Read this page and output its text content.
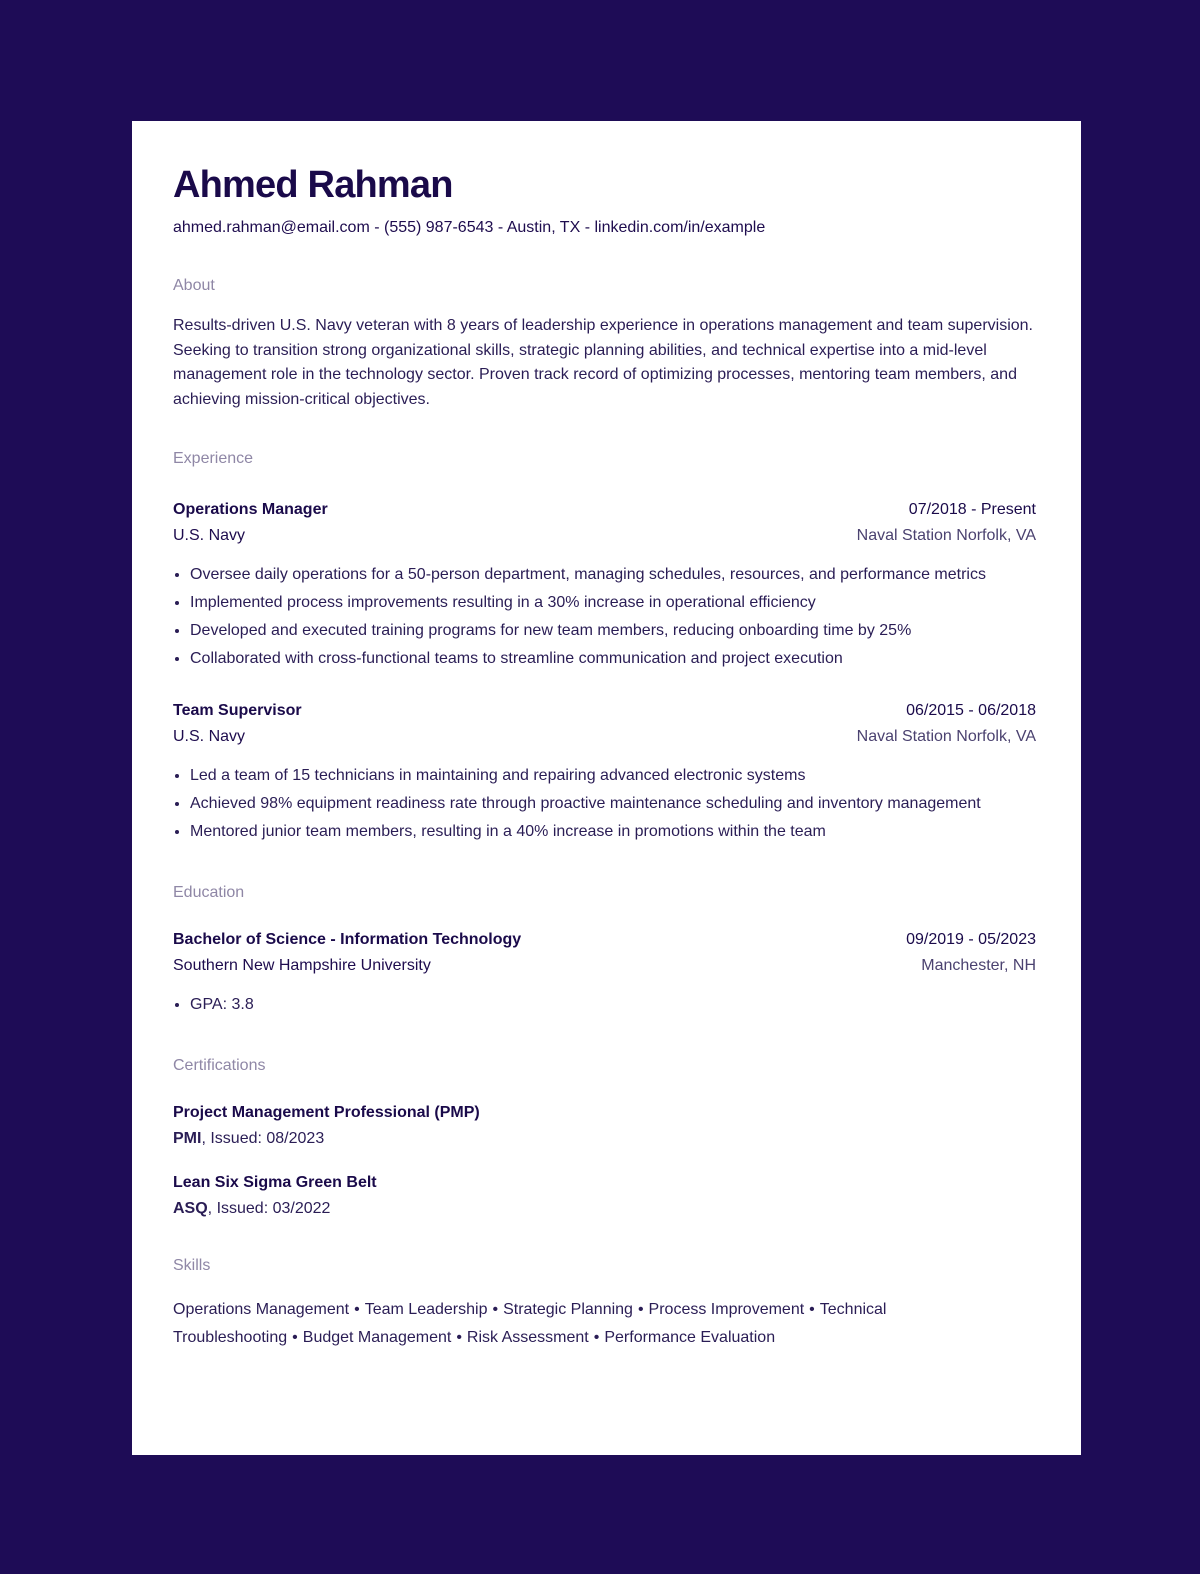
Ahmed Rahman
ahmed.rahman@email.com - (555) 987-6543 - Austin, TX - linkedin.com/in/example
About
Results-driven U.S. Navy veteran with 8 years of leadership experience in operations management and team supervision. Seeking to transition strong organizational skills, strategic planning abilities, and technical expertise into a mid-level management role in the technology sector. Proven track record of optimizing processes, mentoring team members, and achieving mission-critical objectives.
Experience
Operations Manager	07/2018 - Present
U.S. Navy	Naval Station Norfolk, VA
• Oversee daily operations for a 50-person department, managing schedules, resources, and performance metrics
• Implemented process improvements resulting in a 30% increase in operational efficiency
• Developed and executed training programs for new team members, reducing onboarding time by 25%
• Collaborated with cross-functional teams to streamline communication and project execution
Team Supervisor	06/2015 - 06/2018
U.S. Navy	Naval Station Norfolk, VA
• Led a team of 15 technicians in maintaining and repairing advanced electronic systems
• Achieved 98% equipment readiness rate through proactive maintenance scheduling and inventory management
• Mentored junior team members, resulting in a 40% increase in promotions within the team
Education
Bachelor of Science - Information Technology	09/2019 - 05/2023
Southern New Hampshire University	Manchester, NH
• GPA: 3.8
Certifications
Project Management Professional (PMP)
PMI, Issued: 08/2023
Lean Six Sigma Green Belt
ASQ, Issued: 03/2022
Skills
Operations Management • Team Leadership • Strategic Planning • Process Improvement • Technical Troubleshooting • Budget Management • Risk Assessment • Performance Evaluation
